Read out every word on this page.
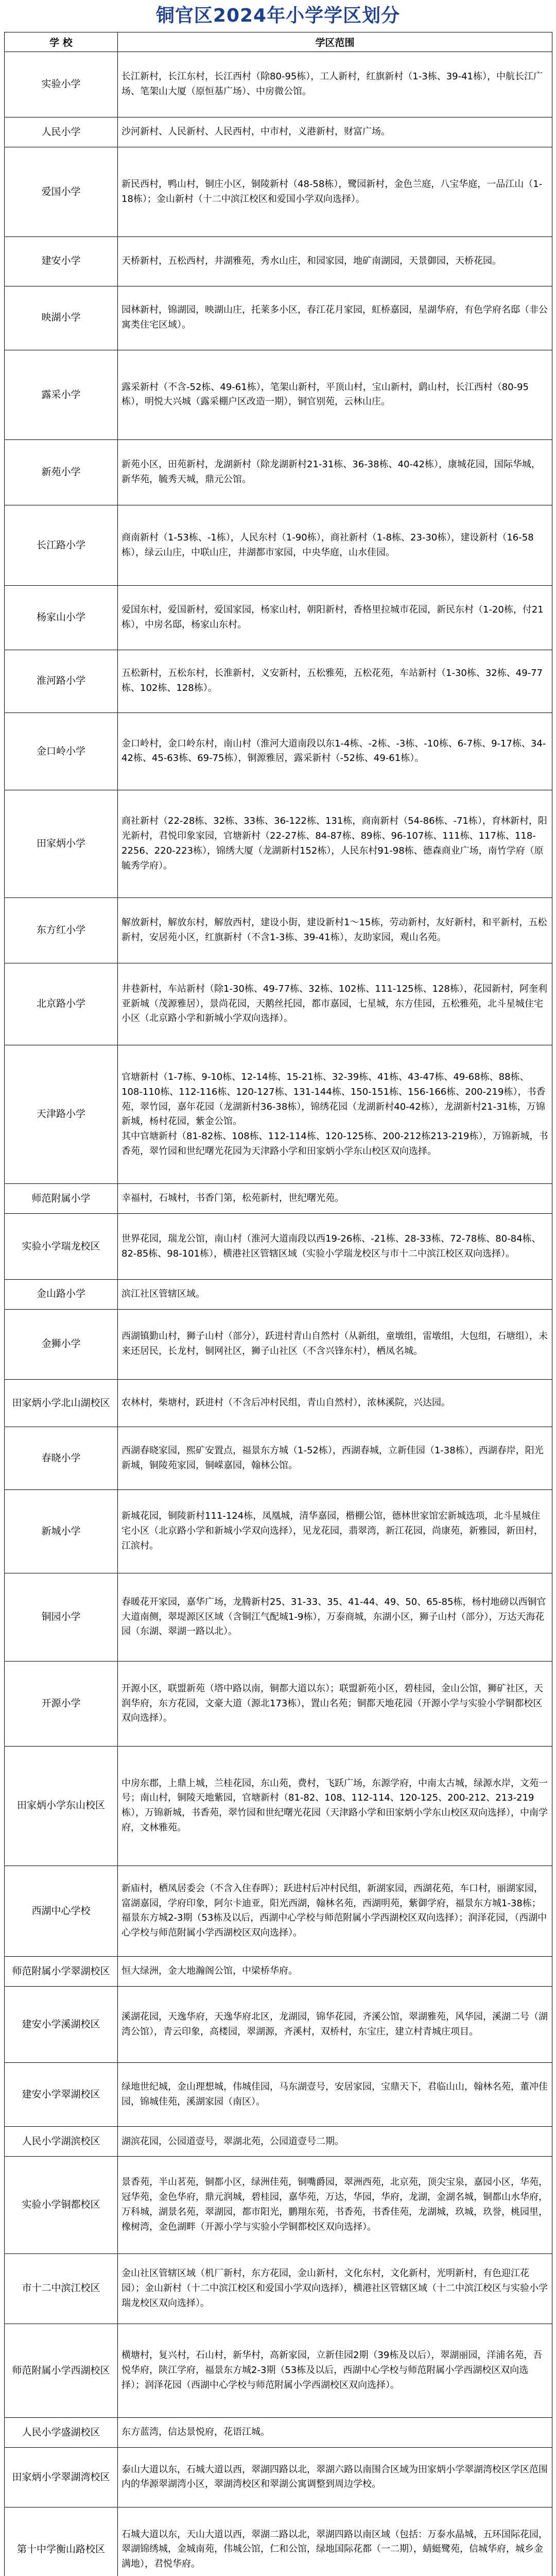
铜官区2024年小学学区划分
学 校	学区范围
实验小学	长江新村，长江东村，长江西村（除80-95栋），工人新村，红旗新村（1-3栋、39-41栋），中航长江广场、笔架山大厦（原恒基广场）、中房微公馆。

人民小学	沙河新村、人民新村、人民西村，中市村，义港新村，财富广场。

爱国小学	新民西村，鸭山村，铜庄小区，铜陵新村（48-58栋），鹭园新村，金色兰庭，八宝华庭，一品江山（1-18栋）；金山新村（十二中滨江校区和爱国小学双向选择）。

建安小学	天桥新村，五松西村，井湖雅苑，秀水山庄，和园家园，地矿南湖园，天景御园，天桥花园。

映湖小学	园林新村，锦湖园，映湖山庄，托莱多小区，春江花月家园，虹桥嘉园，星湖华府，有色学府名邸（非公寓类住宅区域）。

露采小学	露采新村（不含-52栋、49-61栋），笔架山新村，平顶山村，宝山新村，鹞山村，长江西村（80-95栋），明悦大兴城（露采棚户区改造一期），铜官别苑，云林山庄。

新苑小学	新苑小区，田苑新村，龙湖新村（除龙湖新村21-31栋、36-38栋、40-42栋），康城花园，国际华城，新华苑，毓秀天城，鼎元公馆。

长江路小学	商南新村（1-53栋、-1栋），人民东村（1-90栋），商社新村（1-8栋、23-30栋），建设新村（16-58栋），绿云山庄，中联山庄，井湖都市家园，中央华庭，山水佳园。

杨家山小学	爱国东村，爱国新村，爱国家园，杨家山村，朝阳新村，香格里拉城市花园，新民东村（1-20栋，付21栋），中房名邸，杨家山东村。

淮河路小学	五松新村，五松东村，长淮新村，义安新村，五松雅苑，五松花苑，车站新村（1-30栋、32栋、49-77栋、102栋、128栋）。

金口岭小学	金口岭村，金口岭东村，南山村（淮河大道南段以东1-4栋、-2栋、-3栋、-10栋、6-7栋、9-17栋、34-42栋、45-63栋、69-75栋），铜源雅居，露采新村（-52栋、49-61栋）。

田家炳小学	商社新村（22-28栋、32栋、33栋、36-122栋、131栋，商南新村（54-86栋、-71栋），育林新村，阳光新村，君悦印象家园，官塘新村（22-27栋、84-87栋、89栋、96-107栋、111栋、117栋、118-2256、220-223栋），锦绣大厦（龙湖新村152栋），人民东村91-98栋、德森商业广场，南竹学府（原毓秀学府）。

东方红小学	解放新村，解放东村，解放西村，建设小街，建设新村1～15栋，劳动新村，友好新村，和平新村，五松新村，安居苑小区，红旗新村（不含1-3栋、39-41栋），友助家园，观山名苑。

北京路小学	井巷新村，车站新村（除1-30栋、49-77栋、32栋、102栋、111-125栋、128栋），花园新村，阿奎利亚新城（茂源雅居），景尚花园，天鹅丝托园，都市嘉园，七星城，东方佳园，五松雅苑，北斗星城住宅小区（北京路小学和新城小学双向选择）。

天津路小学	官塘新村（1-7栋、9-10栋、12-14栋、15-21栋、32-39栋、41栋、43-47栋、49-68栋、88栋、108-110栋、112-116栋、120-127栋、131-144栋、150-151栋、156-166栋、200-219栋），书香苑，翠竹园，嘉年花园（龙湖新村36-38栋），锦绣花园（龙湖新村40-42栋），龙湖新村21-31栋，万锦新城，杨村花园，紫金公馆。
其中官塘新村（81-82栋、108栋、112-114栋、120-125栋、200-212栋213-219栋），万锦新城，书香苑，翠竹园和世纪曙光花园为天津路小学和田家炳小学东山校区双向选择。

师范附属小学	幸福村，石城村，书香门第，松苑新村，世纪曙光苑。

实验小学瑞龙校区	世界花园，瑞龙公馆，南山村（淮河大道南段以西19-26栋、-21栋、28-33栋、72-78栋、80-84栋、82-85栋、98-101栋），横港社区管辖区域（实验小学瑞龙校区与市十二中滨江校区双向选择）。

金山路小学	滨江社区管辖区域。

金狮小学	西湖镇勤山村，狮子山村（部分），跃进村青山自然村（从新组，童墩组，雷墩组，大包组，石塘组），未来还居民，长龙村，铜网社区，狮子山社区（不含兴锋东村），栖凤名城。

田家炳小学北山湖校区	农林村，柴塘村，跃进村（不含后冲村民组，青山自然村），浓林溪院，兴达园。

春晓小学	西湖春晓家园，熙矿安置点，福景东方城（1-52栋），西湖春城，立新佳园（1-38栋），西湖春岸，阳光新城，铜陵苑家园，铜嵘嘉园，翰林公馆。

新城小学	新城花园，铜陵新村111-124栋，凤凰城，清华嘉园，楷棚公馆，德林世家馆宏新城选项，北斗星城住宅小区（北京路小学和新城小学双向选择），见龙花园，翡翠湾，新江花园，尚康苑，新雅园，新田村，江滨村。

铜园小学	春暖花开家园，嘉华广场，龙腾新村25、31-33、35、41-44、49、50、65-85栋，杨村地磅以西铜官大道南侧，翠堤源区区域（含铜江气配城1-9栋），万泰商城，东湖小区，狮子山村（部分），万达天海花园（东湖、翠湖一路以北）。

开源小学	开源小区，联盟新苑（塔中路以南，铜都大道以东）；联盟新苑小区，碧桂园，金山公馆，狮矿社区，天润华府，东方花园，文豪大道（源北173栋），置山名苑；铜都天地花园（开源小学与实验小学铜都校区双向选择）。

田家炳小学东山校区	中房东郡，上鼎上城，兰桂花园，东山苑，费村，飞跃广场，东源学府，中南太古城，绿源水岸，文苑一号；南山村，铜陵天地紫园，官塘新村（81-82、108、112-114、120-125、200-212、213-219栋），万锦新城，书香苑，翠竹园和世纪曙光花园（天津路小学和田家炳小学东山校区双向选择），中南学府，文林雅苑。

西湖中心学校	新庙村，栖凤居委会（不含入住春晖）；跃进村后冲村民组，新湖家园，西湖花苑，车口村，丽湖家园，富湖嘉园，学府印象，阿尔卡迪亚，阳光西湖，翰林名苑，西湖明苑，紫御学府，福景东方城1-38栋；福景东方城2-3期（53栋及以后，西湖中心学校与师范附属小学西湖校区双向选择）；润泽花园，（西湖中心学校与师范附属小学西湖校区双向选择）。

师范附属小学翠湖校区	恒大绿洲，金大地瀚阁公馆，中梁桥华府。

建安小学溪湖校区	溪湖花园，天逸华府，天逸华府北区，龙湖园，锦华花园，齐溪公馆，翠湖雅苑，风华园，溪湖二号（湖湾公馆），青云印象，高楼园，翠湖源，齐溪村，双桥村，东宝庄，建立村青城庄项目。

建安小学翠湖校区	绿地世纪城，金山理想城，伟城佳园，马东湖壹号，安居家园，宝鼎天下，君临山山，翰林名苑，董冲佳园，锦城佳苑，溪湖家园（南区）。

人民小学湖滨校区	湖滨花园，公园道壹号，翠湖北苑，公园道壹号二期。

实验小学铜都校区	景香苑，半山茗苑，铜都小区，绿洲佳苑，铜嘴爵园，翠洲西苑，北京苑，顶尖宝泉，嘉园小区，华苑，冠华苑，金色华府，鼎元润城，碧桂园，嘉华苑，万达，华园，华府，龙湖，金湖名城，铜都山水华府，万科城，湖景名苑，翠湖园，都市阳光，鹏翔东苑，书香苑，书香佳苑，龙湖城，玖城，玖誉，桃园里，橡树湾，金色湖畔（开源小学与实验小学铜都校区双向选择）。

市十二中滨江校区	金山社区管辖区域（机厂新村，东方花园，金山新村，文化东村，文化新村，光明新村，有色迎江花园）；金山新村（十二中滨江校区和爱国小学双向选择），横港社区管辖区域（十二中滨江校区与实验小学瑞龙校区双向选择）。

师范附属小学西湖校区	横塘村，复兴村，石山村，新华村，高新家园，立新佳园2期（39栋及以后），翠湖丽园，洋浦名苑，吾悦华府，陕江学府，福景东方城2-3期（53栋及以后，西湖中心学校与师范附属小学西湖校区双向选择）；润泽花园（西湖中心学校与师范附属小学西湖校区双向选择）。

人民小学盛湖校区	东方蓝湾，信达景悦府，花语江城。

田家炳小学翠湖湾校区	泰山大道以东，石城大道以西，翠湖四路以北，翠湖六路以南围合区域为田家炳小学翠湖湾校区学区范围内的华源翠湖湾小区，翠湖湾校区和翠湖公寓调整到周边学校。

第十中学衡山路校区	石城大道以东，天山大道以西，翠湖二路以北，翠湖四路以南区域（包括：万泰水晶城，五环国际花园，翠湖锦绣城，金城南苑，伟城公馆，仁和公馆，绿地国际花都（一二期），蜻蜓鹭苑，信城华府，城乡金满地），君悦华府。
